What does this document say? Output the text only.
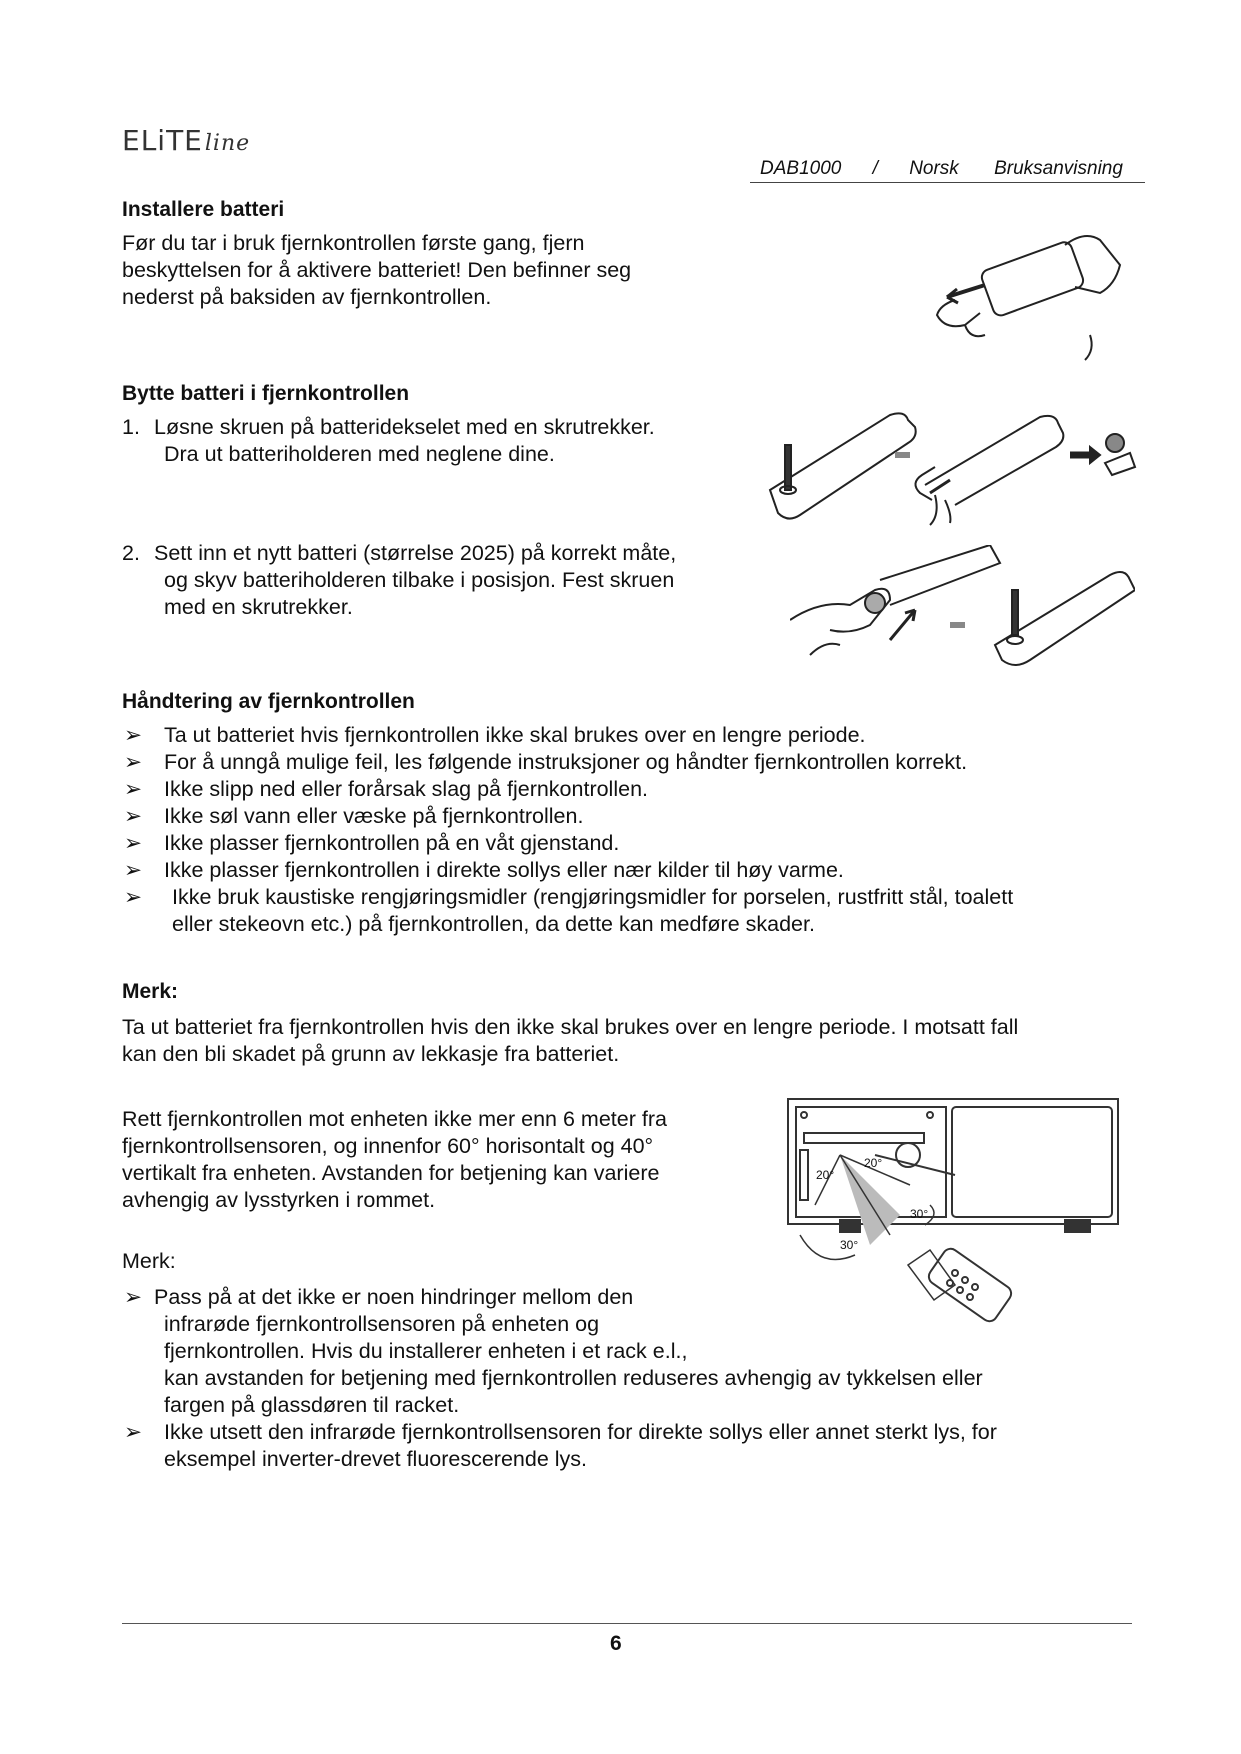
ELiTEline
DAB1000 / Norsk Bruksanvisning
Installere batteri
Før du tar i bruk fjernkontrollen første gang, fjern
beskyttelsen for å aktivere batteriet! Den befinner seg
nederst på baksiden av fjernkontrollen.
Bytte batteri i fjernkontrollen
1. Løsne skruen på batteridekselet med en skrutrekker.
Dra ut batteriholderen med neglene dine.
2. Sett inn et nytt batteri (størrelse 2025) på korrekt måte,
og skyv batteriholderen tilbake i posisjon. Fest skruen
med en skrutrekker.
Håndtering av fjernkontrollen
➢ Ta ut batteriet hvis fjernkontrollen ikke skal brukes over en lengre periode.
➢ For å unngå mulige feil, les følgende instruksjoner og håndter fjernkontrollen korrekt.
➢ Ikke slipp ned eller forårsak slag på fjernkontrollen.
➢ Ikke søl vann eller væske på fjernkontrollen.
➢ Ikke plasser fjernkontrollen på en våt gjenstand.
➢ Ikke plasser fjernkontrollen i direkte sollys eller nær kilder til høy varme.
➢ Ikke bruk kaustiske rengjøringsmidler (rengjøringsmidler for porselen, rustfritt stål, toalett
eller stekeovn etc.) på fjernkontrollen, da dette kan medføre skader.
Merk:
Ta ut batteriet fra fjernkontrollen hvis den ikke skal brukes over en lengre periode. I motsatt fall
kan den bli skadet på grunn av lekkasje fra batteriet.
Rett fjernkontrollen mot enheten ikke mer enn 6 meter fra
fjernkontrollsensoren, og innenfor 60° horisontalt og 40°
vertikalt fra enheten. Avstanden for betjening kan variere
avhengig av lysstyrken i rommet.
20°
20°
30°
30°
Merk:
➢ Pass på at det ikke er noen hindringer mellom den
infrarøde fjernkontrollsensoren på enheten og
fjernkontrollen. Hvis du installerer enheten i et rack e.l.,
kan avstanden for betjening med fjernkontrollen reduseres avhengig av tykkelsen eller
fargen på glassdøren til racket.
➢ Ikke utsett den infrarøde fjernkontrollsensoren for direkte sollys eller annet sterkt lys, for
eksempel inverter-drevet fluorescerende lys.
6
